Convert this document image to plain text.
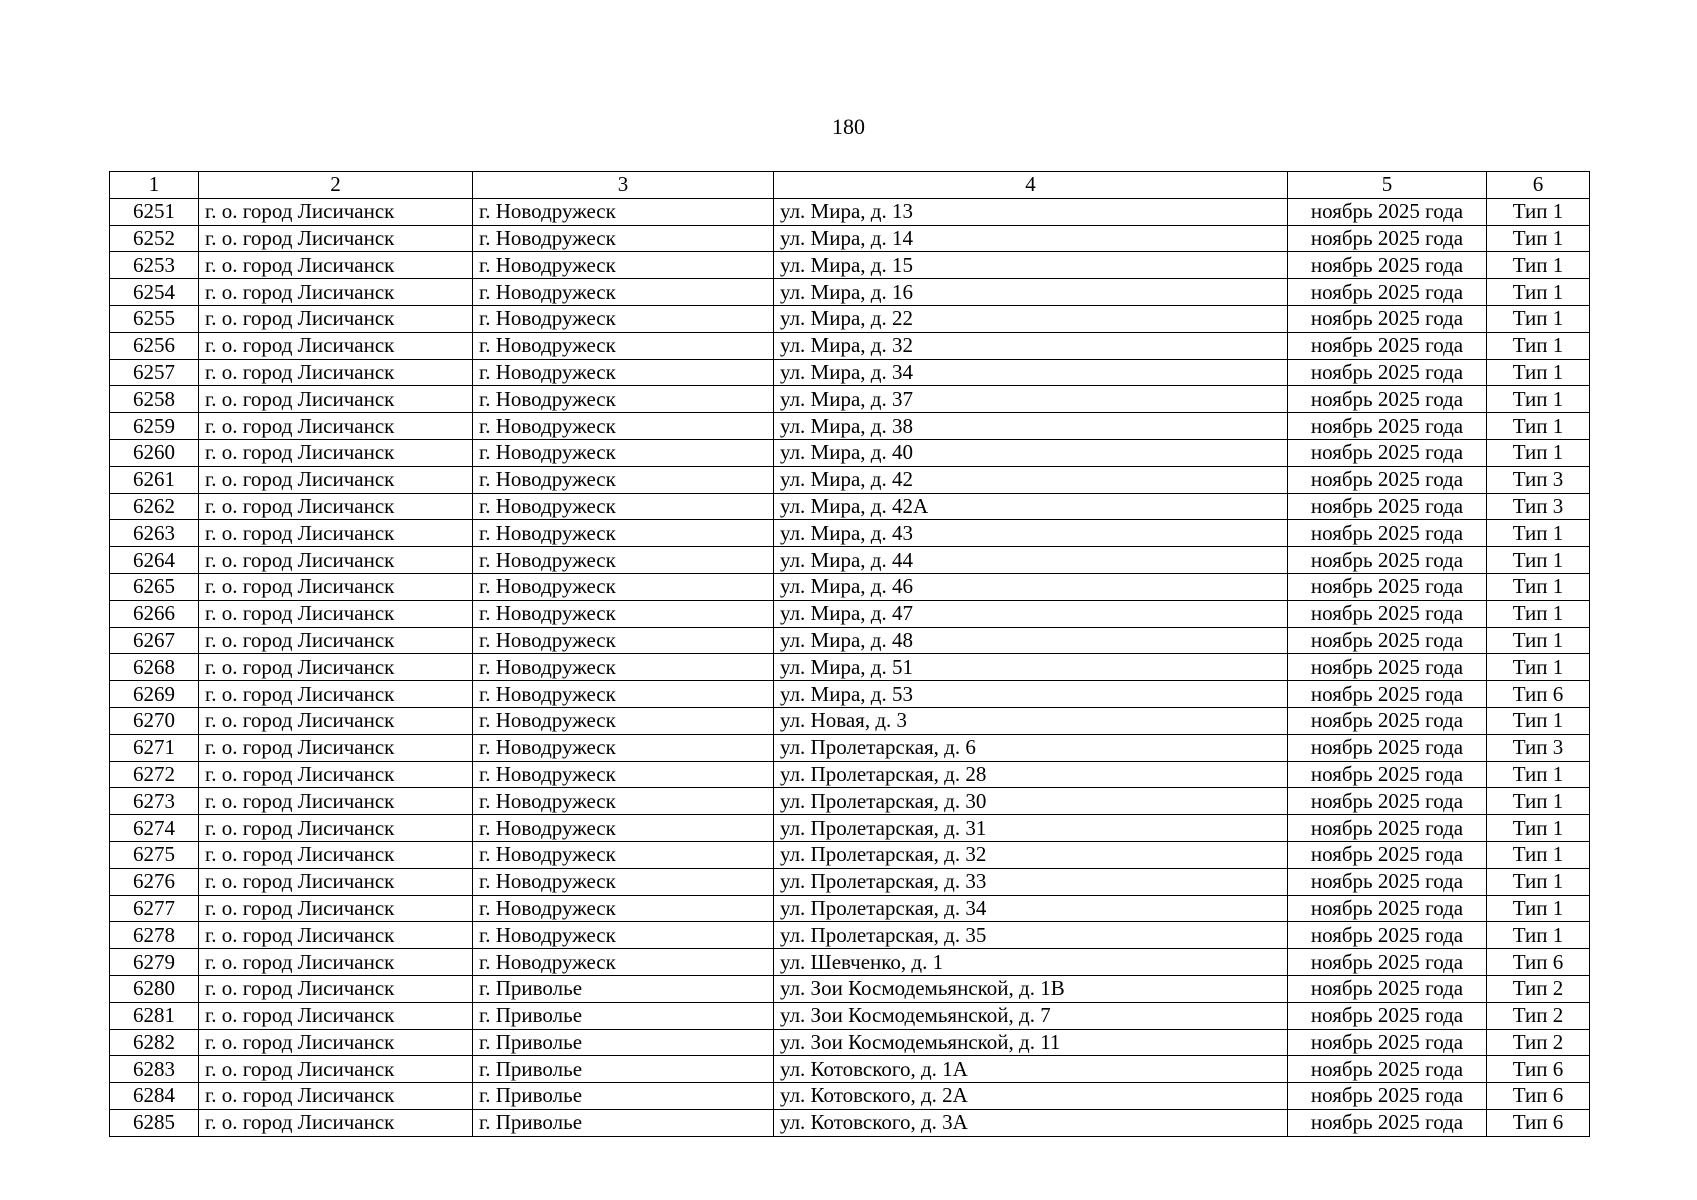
180
1	2	3	4	5	6
6251	г. о. город Лисичанск	г. Новодружеск	ул. Мира, д. 13	ноябрь 2025 года	Тип 1
6252	г. о. город Лисичанск	г. Новодружеск	ул. Мира, д. 14	ноябрь 2025 года	Тип 1
6253	г. о. город Лисичанск	г. Новодружеск	ул. Мира, д. 15	ноябрь 2025 года	Тип 1
6254	г. о. город Лисичанск	г. Новодружеск	ул. Мира, д. 16	ноябрь 2025 года	Тип 1
6255	г. о. город Лисичанск	г. Новодружеск	ул. Мира, д. 22	ноябрь 2025 года	Тип 1
6256	г. о. город Лисичанск	г. Новодружеск	ул. Мира, д. 32	ноябрь 2025 года	Тип 1
6257	г. о. город Лисичанск	г. Новодружеск	ул. Мира, д. 34	ноябрь 2025 года	Тип 1
6258	г. о. город Лисичанск	г. Новодружеск	ул. Мира, д. 37	ноябрь 2025 года	Тип 1
6259	г. о. город Лисичанск	г. Новодружеск	ул. Мира, д. 38	ноябрь 2025 года	Тип 1
6260	г. о. город Лисичанск	г. Новодружеск	ул. Мира, д. 40	ноябрь 2025 года	Тип 1
6261	г. о. город Лисичанск	г. Новодружеск	ул. Мира, д. 42	ноябрь 2025 года	Тип 3
6262	г. о. город Лисичанск	г. Новодружеск	ул. Мира, д. 42А	ноябрь 2025 года	Тип 3
6263	г. о. город Лисичанск	г. Новодружеск	ул. Мира, д. 43	ноябрь 2025 года	Тип 1
6264	г. о. город Лисичанск	г. Новодружеск	ул. Мира, д. 44	ноябрь 2025 года	Тип 1
6265	г. о. город Лисичанск	г. Новодружеск	ул. Мира, д. 46	ноябрь 2025 года	Тип 1
6266	г. о. город Лисичанск	г. Новодружеск	ул. Мира, д. 47	ноябрь 2025 года	Тип 1
6267	г. о. город Лисичанск	г. Новодружеск	ул. Мира, д. 48	ноябрь 2025 года	Тип 1
6268	г. о. город Лисичанск	г. Новодружеск	ул. Мира, д. 51	ноябрь 2025 года	Тип 1
6269	г. о. город Лисичанск	г. Новодружеск	ул. Мира, д. 53	ноябрь 2025 года	Тип 6
6270	г. о. город Лисичанск	г. Новодружеск	ул. Новая, д. 3	ноябрь 2025 года	Тип 1
6271	г. о. город Лисичанск	г. Новодружеск	ул. Пролетарская, д. 6	ноябрь 2025 года	Тип 3
6272	г. о. город Лисичанск	г. Новодружеск	ул. Пролетарская, д. 28	ноябрь 2025 года	Тип 1
6273	г. о. город Лисичанск	г. Новодружеск	ул. Пролетарская, д. 30	ноябрь 2025 года	Тип 1
6274	г. о. город Лисичанск	г. Новодружеск	ул. Пролетарская, д. 31	ноябрь 2025 года	Тип 1
6275	г. о. город Лисичанск	г. Новодружеск	ул. Пролетарская, д. 32	ноябрь 2025 года	Тип 1
6276	г. о. город Лисичанск	г. Новодружеск	ул. Пролетарская, д. 33	ноябрь 2025 года	Тип 1
6277	г. о. город Лисичанск	г. Новодружеск	ул. Пролетарская, д. 34	ноябрь 2025 года	Тип 1
6278	г. о. город Лисичанск	г. Новодружеск	ул. Пролетарская, д. 35	ноябрь 2025 года	Тип 1
6279	г. о. город Лисичанск	г. Новодружеск	ул. Шевченко, д. 1	ноябрь 2025 года	Тип 6
6280	г. о. город Лисичанск	г. Приволье	ул. Зои Космодемьянской, д. 1В	ноябрь 2025 года	Тип 2
6281	г. о. город Лисичанск	г. Приволье	ул. Зои Космодемьянской, д. 7	ноябрь 2025 года	Тип 2
6282	г. о. город Лисичанск	г. Приволье	ул. Зои Космодемьянской, д. 11	ноябрь 2025 года	Тип 2
6283	г. о. город Лисичанск	г. Приволье	ул. Котовского, д. 1А	ноябрь 2025 года	Тип 6
6284	г. о. город Лисичанск	г. Приволье	ул. Котовского, д. 2А	ноябрь 2025 года	Тип 6
6285	г. о. город Лисичанск	г. Приволье	ул. Котовского, д. 3А	ноябрь 2025 года	Тип 6
